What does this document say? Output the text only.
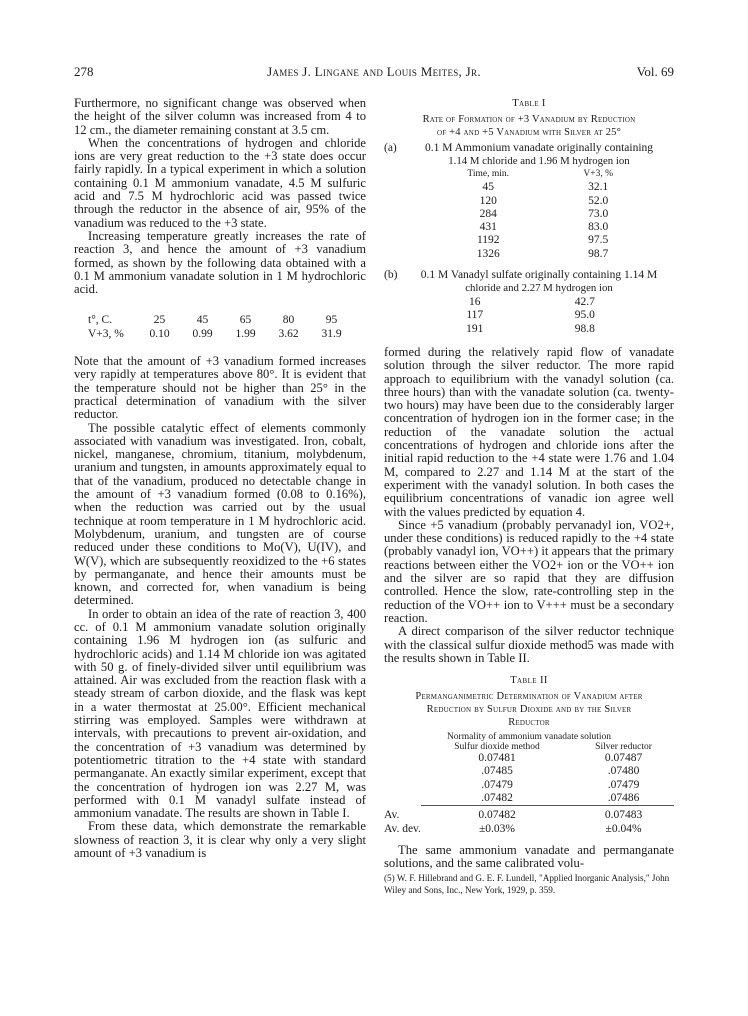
278	James J. Lingane and Louis Meites, Jr.	Vol. 69

Furthermore, no significant change was observed when the height of the silver column was increased from 4 to 12 cm., the diameter remaining constant at 3.5 cm.

When the concentrations of hydrogen and chloride ions are very great reduction to the +3 state does occur fairly rapidly. In a typical experiment in which a solution containing 0.1 M ammonium vanadate, 4.5 M sulfuric acid and 7.5 M hydrochloric acid was passed twice through the reductor in the absence of air, 95% of the vanadium was reduced to the +3 state.

Increasing temperature greatly increases the rate of reaction 3, and hence the amount of +3 vanadium formed, as shown by the following data obtained with a 0.1 M ammonium vanadate solution in 1 M hydrochloric acid.

t°, C.	25	45	65	80	95
V+3, %	0.10	0.99	1.99	3.62	31.9

Note that the amount of +3 vanadium formed increases very rapidly at temperatures above 80°. It is evident that the temperature should not be higher than 25° in the practical determination of vanadium with the silver reductor.

The possible catalytic effect of elements commonly associated with vanadium was investigated. Iron, cobalt, nickel, manganese, chromium, titanium, molybdenum, uranium and tungsten, in amounts approximately equal to that of the vanadium, produced no detectable change in the amount of +3 vanadium formed (0.08 to 0.16%), when the reduction was carried out by the usual technique at room temperature in 1 M hydrochloric acid. Molybdenum, uranium, and tungsten are of course reduced under these conditions to Mo(V), U(IV), and W(V), which are subsequently reoxidized to the +6 states by permanganate, and hence their amounts must be known, and corrected for, when vanadium is being determined.

In order to obtain an idea of the rate of reaction 3, 400 cc. of 0.1 M ammonium vanadate solution originally containing 1.96 M hydrogen ion (as sulfuric and hydrochloric acids) and 1.14 M chloride ion was agitated with 50 g. of finely-divided silver until equilibrium was attained. Air was excluded from the reaction flask with a steady stream of carbon dioxide, and the flask was kept in a water thermostat at 25.00°. Efficient mechanical stirring was employed. Samples were withdrawn at intervals, with precautions to prevent air-oxidation, and the concentration of +3 vanadium was determined by potentiometric titration to the +4 state with standard permanganate. An exactly similar experiment, except that the concentration of hydrogen ion was 2.27 M, was performed with 0.1 M vanadyl sulfate instead of ammonium vanadate. The results are shown in Table I.

From these data, which demonstrate the remarkable slowness of reaction 3, it is clear why only a very slight amount of +3 vanadium is

Table I
Rate of Formation of +3 Vanadium by Reduction
of +4 and +5 Vanadium with Silver at 25°
(a)	0.1 M Ammonium vanadate originally containing
1.14 M chloride and 1.96 M hydrogen ion
Time, min.	V+3, %
45	32.1
120	52.0
284	73.0
431	83.0
1192	97.5
1326	98.7
(b)	0.1 M Vanadyl sulfate originally containing 1.14 M
chloride and 2.27 M hydrogen ion
16	42.7
117	95.0
191	98.8

formed during the relatively rapid flow of vanadate solution through the silver reductor. The more rapid approach to equilibrium with the vanadyl solution (ca. three hours) than with the vanadate solution (ca. twenty-two hours) may have been due to the considerably larger concentration of hydrogen ion in the former case; in the reduction of the vanadate solution the actual concentrations of hydrogen and chloride ions after the initial rapid reduction to the +4 state were 1.76 and 1.04 M, compared to 2.27 and 1.14 M at the start of the experiment with the vanadyl solution. In both cases the equilibrium concentrations of vanadic ion agree well with the values predicted by equation 4.

Since +5 vanadium (probably pervanadyl ion, VO2+, under these conditions) is reduced rapidly to the +4 state (probably vanadyl ion, VO++) it appears that the primary reactions between either the VO2+ ion or the VO++ ion and the silver are so rapid that they are diffusion controlled. Hence the slow, rate-controlling step in the reduction of the VO++ ion to V+++ must be a secondary reaction.

A direct comparison of the silver reductor technique with the classical sulfur dioxide method5 was made with the results shown in Table II.

Table II
Permanganimetric Determination of Vanadium after
Reduction by Sulfur Dioxide and by the Silver
Reductor
Normality of ammonium vanadate solution		
	Sulfur dioxide method	Silver reductor
	0.07481	0.07487
	.07485	.07480
	.07479	.07479
	.07482	.07486
Av.	0.07482	0.07483
Av. dev.	±0.03%	±0.04%

The same ammonium vanadate and permanganate solutions, and the same calibrated volu-

(5) W. F. Hillebrand and G. E. F. Lundell, "Applied Inorganic Analysis," John Wiley and Sons, Inc., New York, 1929, p. 359.
